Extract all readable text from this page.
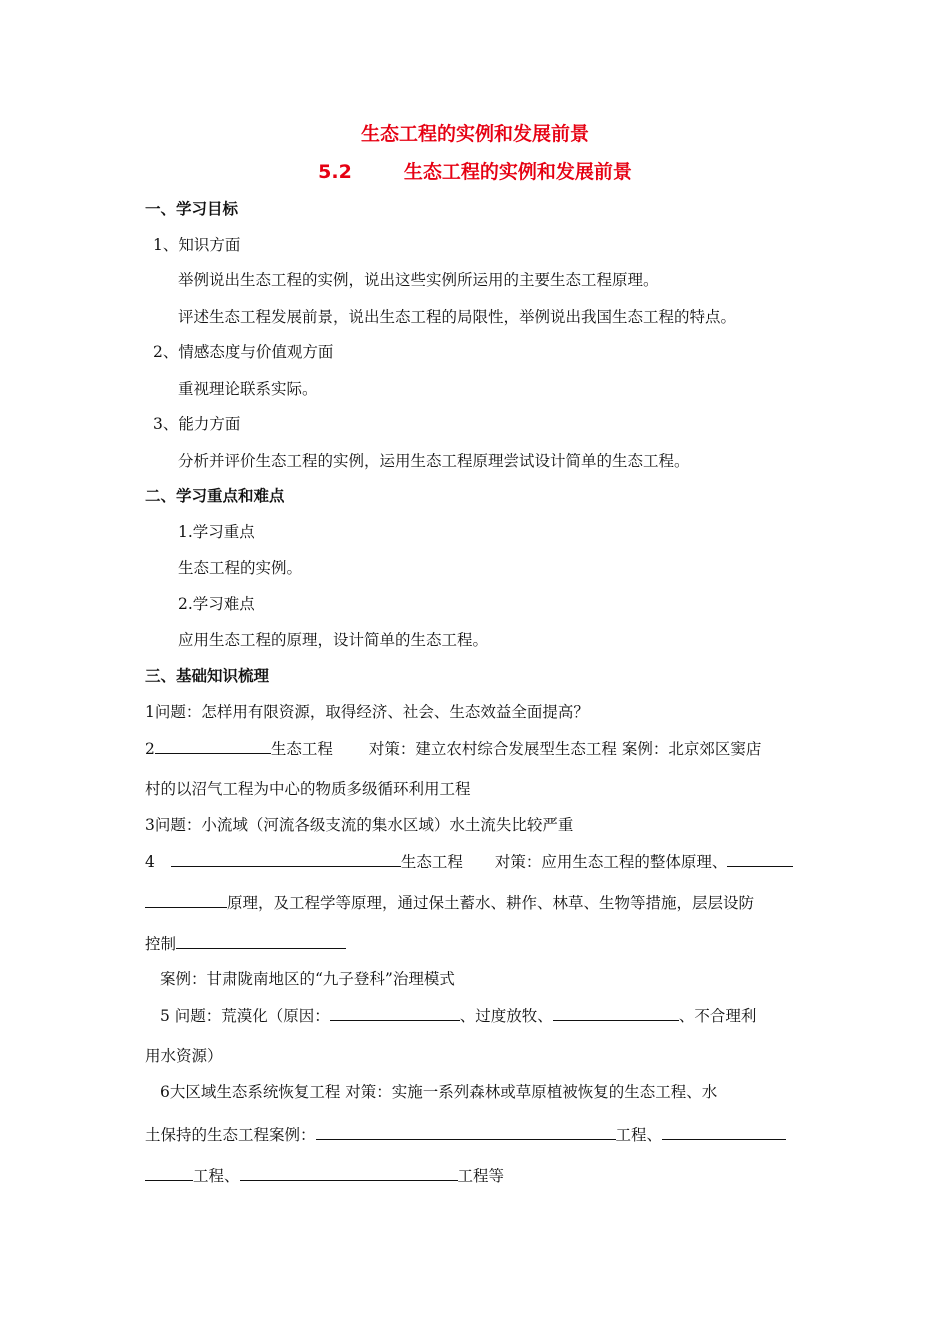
生态工程的实例和发展前景
5.2	生态工程的实例和发展前景
一、学习目标
1、知识方面
举例说出生态工程的实例，说出这些实例所运用的主要生态工程原理。
评述生态工程发展前景，说出生态工程的局限性，举例说出我国生态工程的特点。
2、情感态度与价值观方面
重视理论联系实际。
3、能力方面
分析并评价生态工程的实例，运用生态工程原理尝试设计简单的生态工程。
二、学习重点和难点
1.学习重点
生态工程的实例。
2.学习难点
应用生态工程的原理，设计简单的生态工程。
三、基础知识梳理
1问题：怎样用有限资源，取得经济、社会、生态效益全面提高？
2	生态工程 对策：建立农村综合发展型生态工程 案例：北京郊区窦店
村的以沼气工程为中心的物质多级循环利用工程
3问题：小流域（河流各级支流的集水区域）水土流失比较严重
4	生态工程 对策：应用生态工程的整体原理、
原理，及工程学等原理，通过保土蓄水、耕作、林草、生物等措施，层层设防
控制
案例：甘肃陇南地区的“九子登科”治理模式
5 问题：荒漠化（原因：	、过度放牧、	、不合理利
用水资源）
6大区域生态系统恢复工程 对策：实施一系列森林或草原植被恢复的生态工程、水
土保持的生态工程案例：	工程、
工程、	工程等
